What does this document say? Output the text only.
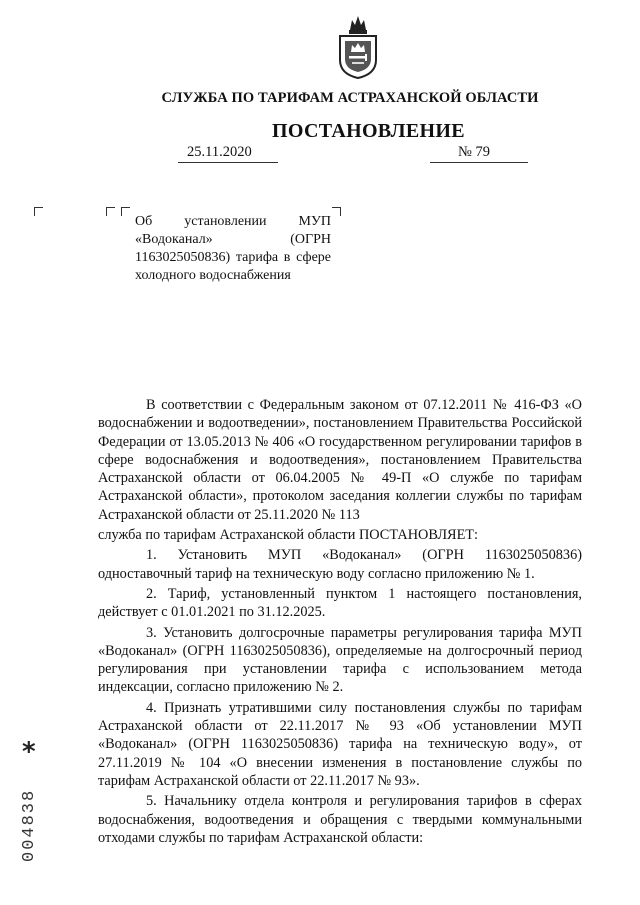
СЛУЖБА ПО ТАРИФАМ АСТРАХАНСКОЙ ОБЛАСТИ
ПОСТАНОВЛЕНИЕ
25.11.2020	№ 79
Об установлении МУП «Водоканал» (ОГРН 1163025050836) тарифа в сфере холодного водоснабжения

В соответствии с Федеральным законом от 07.12.2011 № 416-ФЗ «О водоснабжении и водоотведении», постановлением Правительства Российской Федерации от 13.05.2013 № 406 «О государственном регулировании тарифов в сфере водоснабжения и водоотведения», постановлением Правительства Астраханской области от 06.04.2005 № 49-П «О службе по тарифам Астраханской области», протоколом заседания коллегии службы по тарифам Астраханской области от 25.11.2020 № 113

служба по тарифам Астраханской области ПОСТАНОВЛЯЕТ:

1. Установить МУП «Водоканал» (ОГРН 1163025050836) одноставочный тариф на техническую воду согласно приложению № 1.

2. Тариф, установленный пунктом 1 настоящего постановления, действует с 01.01.2021 по 31.12.2025.

3. Установить долгосрочные параметры регулирования тарифа МУП «Водоканал» (ОГРН 1163025050836), определяемые на долгосрочный период регулирования при установлении тарифа с использованием метода индексации, согласно приложению № 2.

4. Признать утратившими силу постановления службы по тарифам Астраханской области от 22.11.2017 № 93 «Об установлении МУП «Водоканал» (ОГРН 1163025050836) тарифа на техническую воду», от 27.11.2019 № 104 «О внесении изменения в постановление службы по тарифам Астраханской области от 22.11.2017 № 93».

5. Начальнику отдела контроля и регулирования тарифов в сферах водоснабжения, водоотведения и обращения с твердыми коммунальными отходами службы по тарифам Астраханской области:

*
004838
